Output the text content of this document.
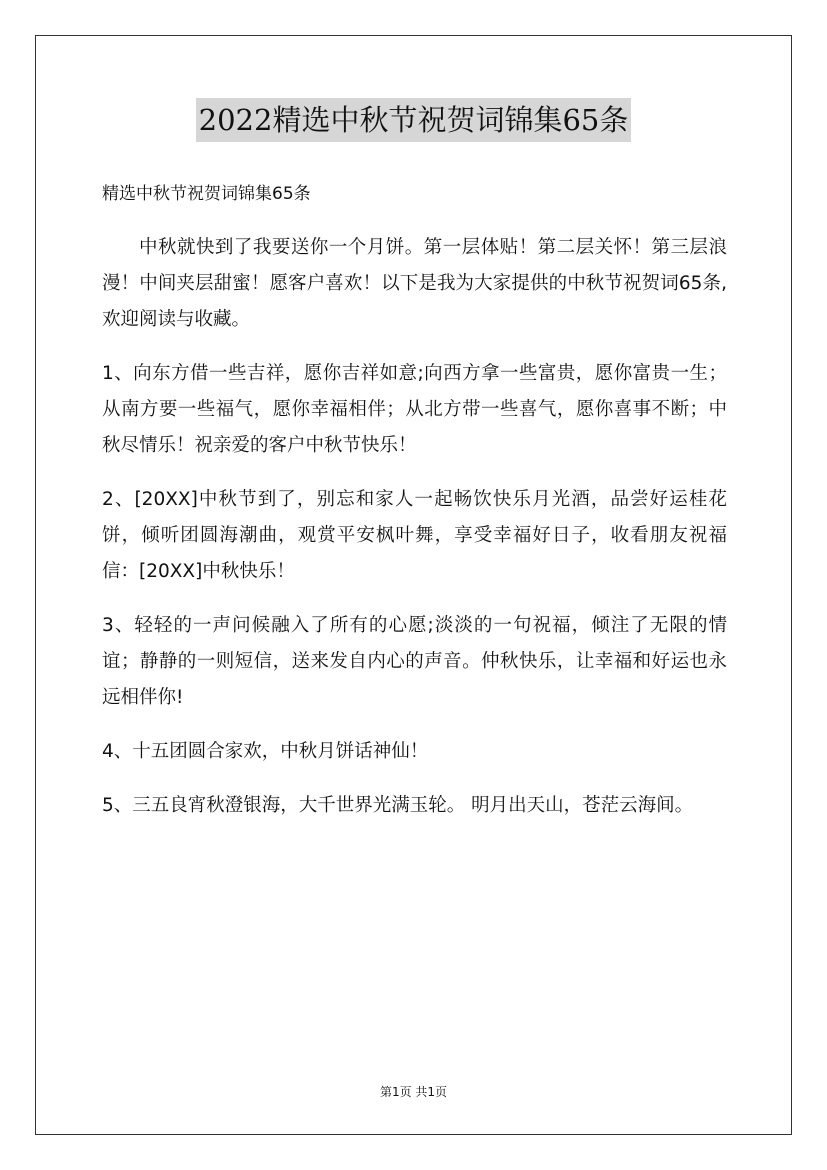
2022精选中秋节祝贺词锦集65条
精选中秋节祝贺词锦集65条

中秋就快到了我要送你一个月饼。第一层体贴！第二层关怀！第三层浪漫！中间夹层甜蜜！愿客户喜欢！以下是我为大家提供的中秋节祝贺词65条,欢迎阅读与收藏。

1、向东方借一些吉祥，愿你吉祥如意;向西方拿一些富贵，愿你富贵一生；从南方要一些福气，愿你幸福相伴；从北方带一些喜气，愿你喜事不断；中秋尽情乐！祝亲爱的客户中秋节快乐！

2、[20XX]中秋节到了，别忘和家人一起畅饮快乐月光酒，品尝好运桂花饼，倾听团圆海潮曲，观赏平安枫叶舞，享受幸福好日子，收看朋友祝福信：[20XX]中秋快乐！

3、轻轻的一声问候融入了所有的心愿;淡淡的一句祝福，倾注了无限的情谊；静静的一则短信，送来发自内心的声音。仲秋快乐，让幸福和好运也永远相伴你!

4、十五团圆合家欢，中秋月饼话神仙！

5、三五良宵秋澄银海，大千世界光满玉轮。 明月出天山，苍茫云海间。

第1页 共1页
